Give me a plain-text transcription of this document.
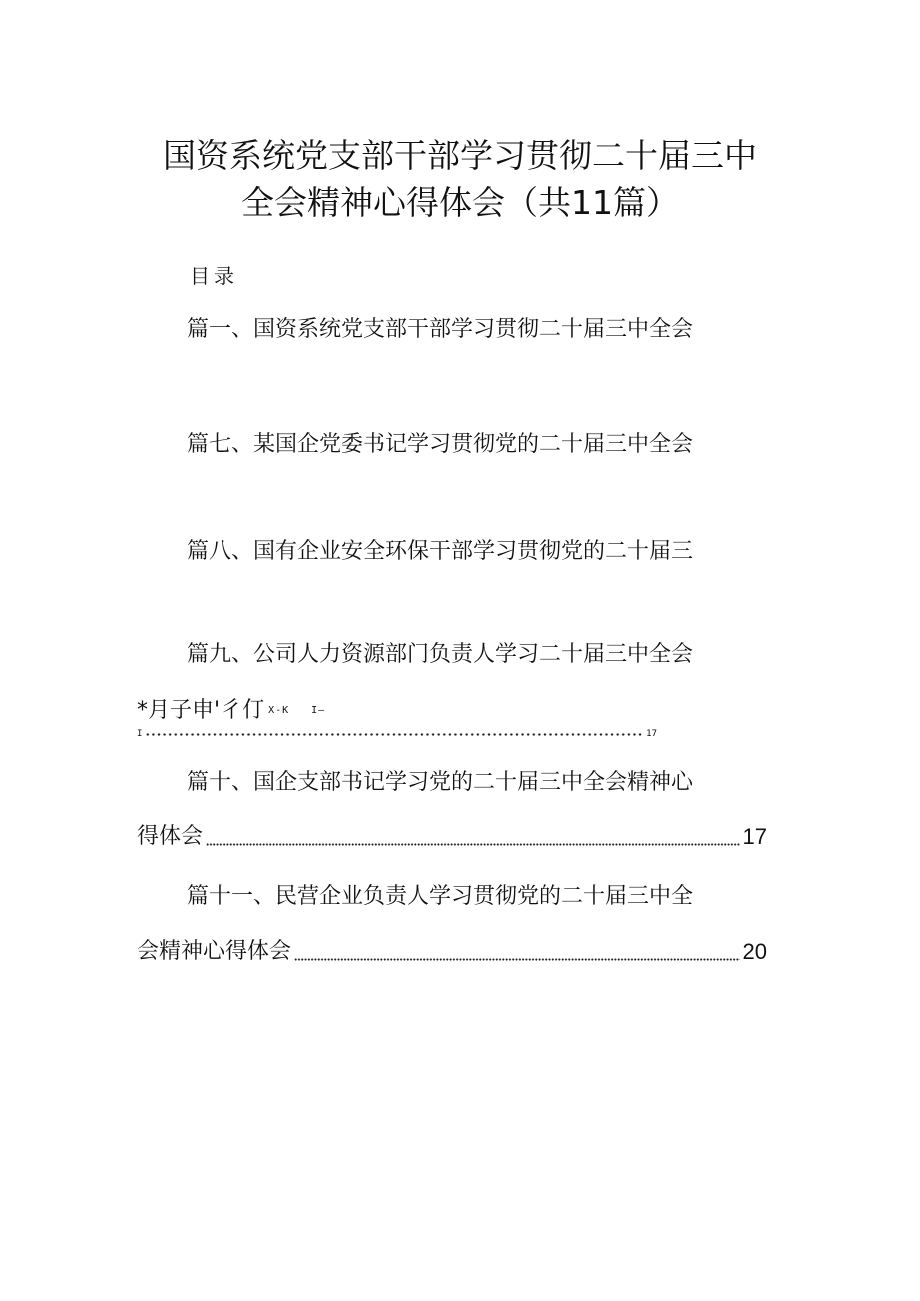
国资系统党支部干部学习贯彻二十届三中
全会精神心得体会（共11篇）
目录
篇一、国资系统党支部干部学习贯彻二十届三中全会
篇七、某国企党委书记学习贯彻党的二十届三中全会
篇八、国有企业安全环保干部学习贯彻党的二十届三
篇九、公司人力资源部门负责人学习二十届三中全会
*月子申'彳仃 X-K I—
I	17
篇十、国企支部书记学习党的二十届三中全会精神心
得体会	17
篇十一、民营企业负责人学习贯彻党的二十届三中全
会精神心得体会	20
